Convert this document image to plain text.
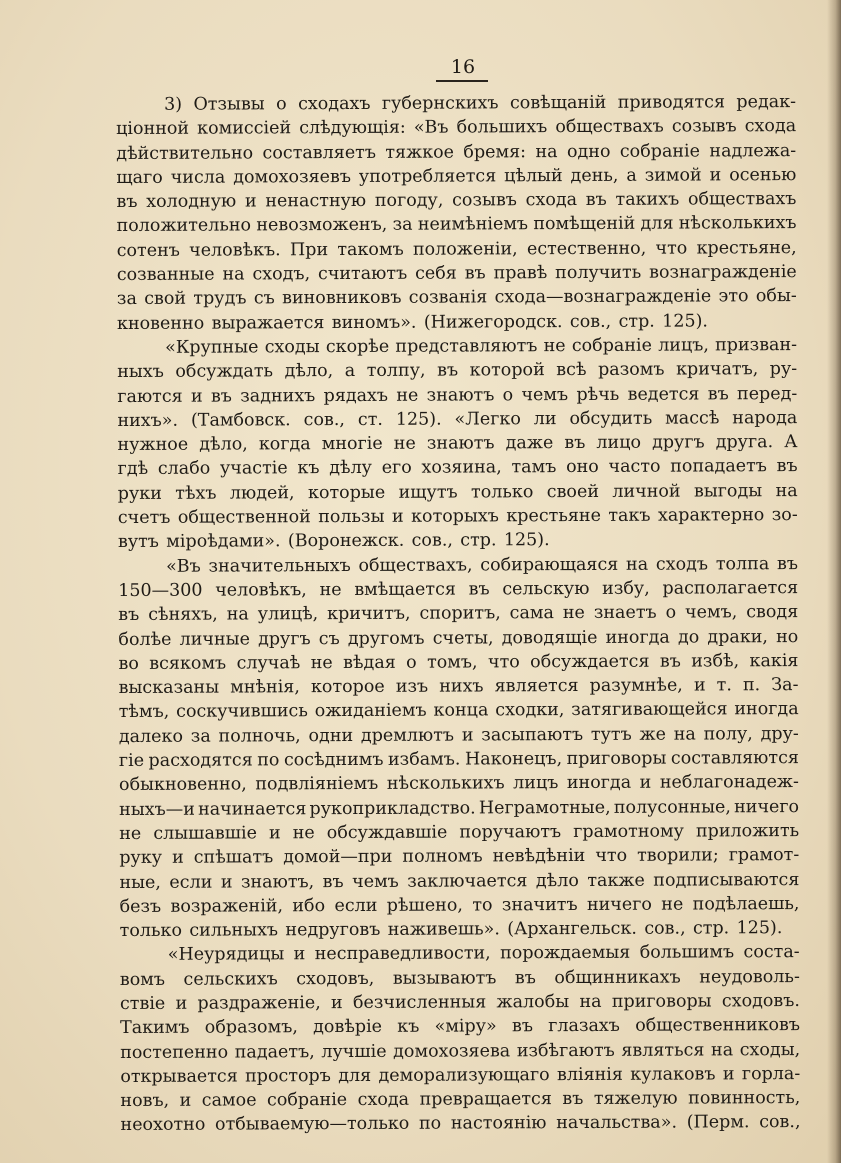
16
3) Отзывы о сходахъ губернскихъ совѣщаній приводятся редак-
ціонной комиссіей слѣдующія: «Въ большихъ обществахъ созывъ схода
дѣйствительно составляетъ тяжкое бремя: на одно собраніе надлежа-
щаго числа домохозяевъ употребляется цѣлый день, а зимой и осенью
въ холодную и ненастную погоду, созывъ схода въ такихъ обществахъ
положительно невозможенъ, за неимѣніемъ помѣщеній для нѣсколькихъ
сотенъ человѣкъ. При такомъ положеніи, естественно, что крестьяне,
созванные на сходъ, считаютъ себя въ правѣ получить вознагражденіе
за свой трудъ съ виновниковъ созванія схода—вознагражденіе это обы-
кновенно выражается виномъ». (Нижегородск. сов., стр. 125).
«Крупные сходы скорѣе представляютъ не собраніе лицъ, призван-
ныхъ обсуждать дѣло, а толпу, въ которой всѣ разомъ кричатъ, ру-
гаются и въ заднихъ рядахъ не знаютъ о чемъ рѣчь ведется въ перед-
нихъ». (Тамбовск. сов., ст. 125). «Легко ли обсудить массѣ народа
нужное дѣло, когда многіе не знаютъ даже въ лицо другъ друга. А
гдѣ слабо участіе къ дѣлу его хозяина, тамъ оно часто попадаетъ въ
руки тѣхъ людей, которые ищутъ только своей личной выгоды на
счетъ общественной пользы и которыхъ крестьяне такъ характерно зо-
вутъ міроѣдами». (Воронежск. сов., стр. 125).
«Въ значительныхъ обществахъ, собирающаяся на сходъ толпа въ
150—300 человѣкъ, не вмѣщается въ сельскую избу, располагается
въ сѣняхъ, на улицѣ, кричитъ, споритъ, сама не знаетъ о чемъ, сводя
болѣе личные другъ съ другомъ счеты, доводящіе иногда до драки, но
во всякомъ случаѣ не вѣдая о томъ, что обсуждается въ избѣ, какія
высказаны мнѣнія, которое изъ нихъ является разумнѣе, и т. п. За-
тѣмъ, соскучившись ожиданіемъ конца сходки, затягивающейся иногда
далеко за полночь, одни дремлютъ и засыпаютъ тутъ же на полу, дру-
гіе расходятся по сосѣднимъ избамъ. Наконецъ, приговоры составляются
обыкновенно, подвліяніемъ нѣсколькихъ лицъ иногда и неблагонадеж-
ныхъ—и начинается рукоприкладство. Неграмотные, полусонные, ничего
не слышавшіе и не обсуждавшіе поручаютъ грамотному приложить
руку и спѣшатъ домой—при полномъ невѣдѣніи что творили; грамот-
ные, если и знаютъ, въ чемъ заключается дѣло также подписываются
безъ возраженій, ибо если рѣшено, то значитъ ничего не подѣлаешь,
только сильныхъ недруговъ наживешь». (Архангельск. сов., стр. 125).
«Неурядицы и несправедливости, порождаемыя большимъ соста-
вомъ сельскихъ сходовъ, вызываютъ въ общинникахъ неудоволь-
ствіе и раздраженіе, и безчисленныя жалобы на приговоры сходовъ.
Такимъ образомъ, довѣріе къ «міру» въ глазахъ общественниковъ
постепенно падаетъ, лучшіе домохозяева избѣгаютъ являться на сходы,
открывается просторъ для деморализующаго вліянія кулаковъ и горла-
новъ, и самое собраніе схода превращается въ тяжелую повинность,
неохотно отбываемую—только по настоянію начальства». (Перм. сов.,
